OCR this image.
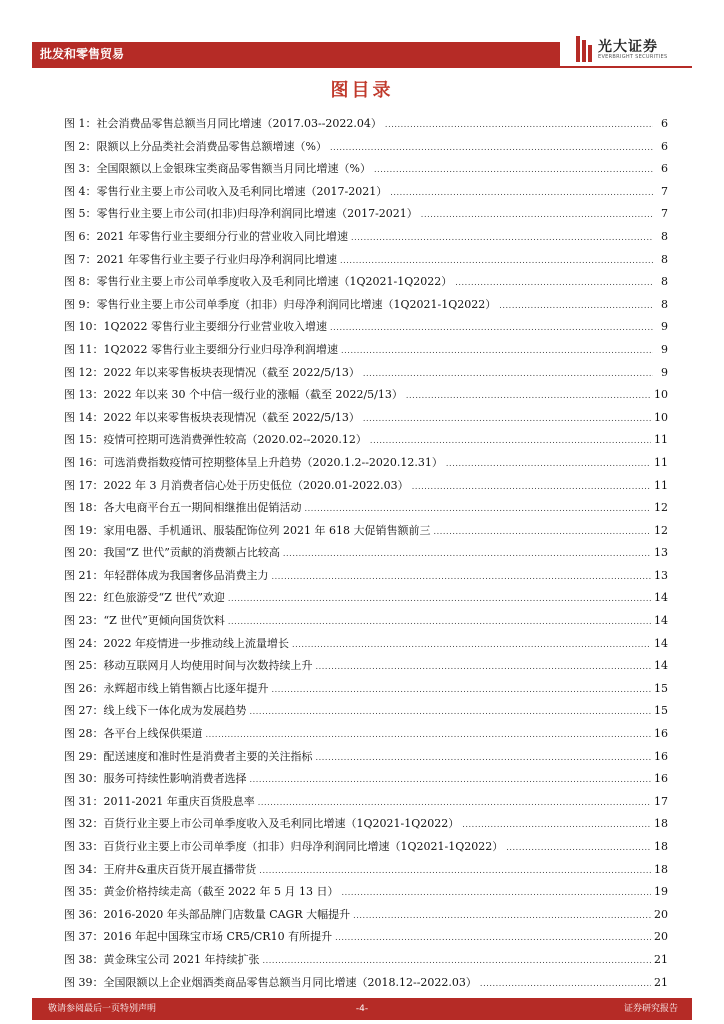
批发和零售贸易	光大证券
EVERBRIGHT SECURITIES
图目录
图 1： 社会消费品零售总额当月同比增速（2017.03--2022.04） .....	6
图 2： 限额以上分品类社会消费品零售总额增速（%） .....	6
图 3： 全国限额以上金银珠宝类商品零售额当月同比增速（%） .....	6
图 4： 零售行业主要上市公司收入及毛利同比增速（2017-2021） .....	7
图 5： 零售行业主要上市公司(扣非)归母净利润同比增速（2017-2021） .....	7
图 6： 2021 年零售行业主要细分行业的营业收入同比增速 .....	8
图 7： 2021 年零售行业主要子行业归母净利润同比增速 .....	8
图 8： 零售行业主要上市公司单季度收入及毛利同比增速（1Q2021-1Q2022） .....	8
图 9： 零售行业主要上市公司单季度（扣非）归母净利润同比增速（1Q2021-1Q2022） .....	8
图 10： 1Q2022 零售行业主要细分行业营业收入增速 .....	9
图 11： 1Q2022 零售行业主要细分行业归母净利润增速 .....	9
图 12： 2022 年以来零售板块表现情况（截至 2022/5/13） .....	9
图 13： 2022 年以来 30 个中信一级行业的涨幅（截至 2022/5/13） .....	10
图 14： 2022 年以来零售板块表现情况（截至 2022/5/13） .....	10
图 15： 疫情可控期可选消费弹性较高（2020.02--2020.12） .....	11
图 16： 可选消费指数疫情可控期整体呈上升趋势（2020.1.2--2020.12.31） .....	11
图 17： 2022 年 3 月消费者信心处于历史低位（2020.01-2022.03） .....	11
图 18： 各大电商平台五一期间相继推出促销活动 .....	12
图 19： 家用电器、手机通讯、服装配饰位列 2021 年 618 大促销售额前三 .....	12
图 20： 我国“Z 世代”贡献的消费额占比较高 .....	13
图 21： 年轻群体成为我国奢侈品消费主力 .....	13
图 22： 红色旅游受“Z 世代”欢迎 .....	14
图 23： “Z 世代”更倾向国货饮料 .....	14
图 24： 2022 年疫情进一步推动线上流量增长 .....	14
图 25： 移动互联网月人均使用时间与次数持续上升 .....	14
图 26： 永辉超市线上销售额占比逐年提升 .....	15
图 27： 线上线下一体化成为发展趋势 .....	15
图 28： 各平台上线保供渠道 .....	16
图 29： 配送速度和准时性是消费者主要的关注指标 .....	16
图 30： 服务可持续性影响消费者选择 .....	16
图 31： 2011-2021 年重庆百货股息率 .....	17
图 32： 百货行业主要上市公司单季度收入及毛利同比增速（1Q2021-1Q2022） .....	18
图 33： 百货行业主要上市公司单季度（扣非）归母净利润同比增速（1Q2021-1Q2022） .....	18
图 34： 王府井&重庆百货开展直播带货 .....	18
图 35： 黄金价格持续走高（截至 2022 年 5 月 13 日） .....	19
图 36： 2016-2020 年头部品牌门店数量 CAGR 大幅提升 .....	20
图 37： 2016 年起中国珠宝市场 CR5/CR10 有所提升 .....	20
图 38： 黄金珠宝公司 2021 年持续扩张 .....	21
图 39： 全国限额以上企业烟酒类商品零售总额当月同比增速（2018.12--2022.03） .....	21
敬请参阅最后一页特别声明	-4-	证券研究报告
